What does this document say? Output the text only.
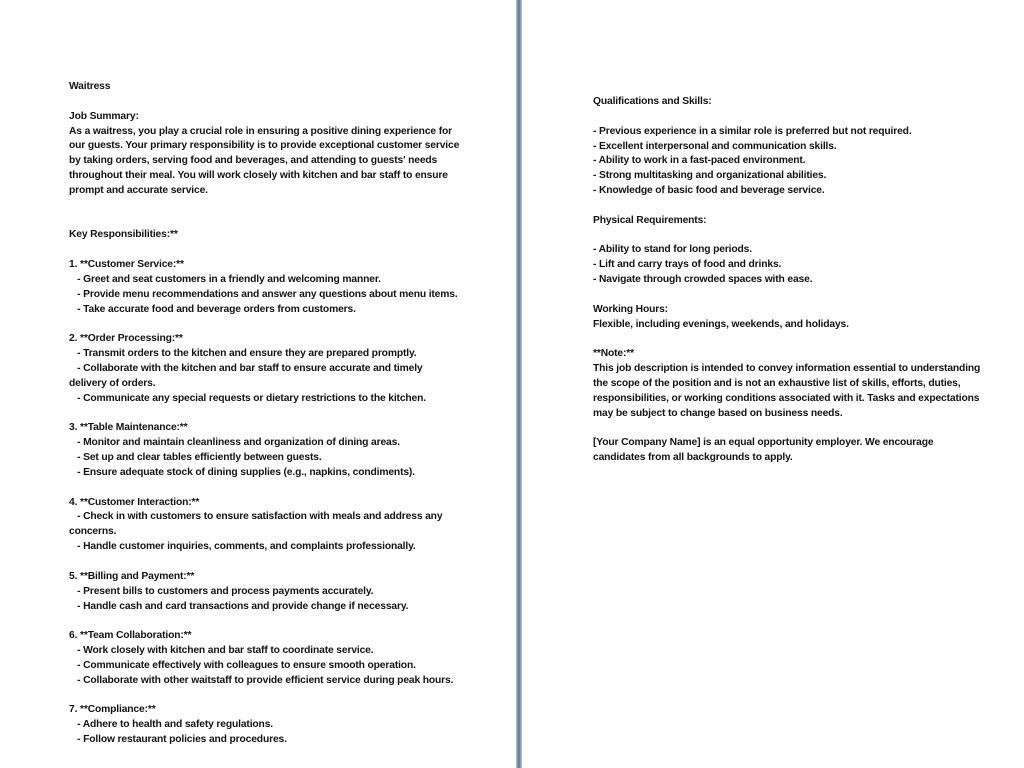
Waitress
Job Summary:
As a waitress, you play a crucial role in ensuring a positive dining experience for
our guests. Your primary responsibility is to provide exceptional customer service
by taking orders, serving food and beverages, and attending to guests' needs
throughout their meal. You will work closely with kitchen and bar staff to ensure
prompt and accurate service.
Key Responsibilities:**
1. **Customer Service:**
- Greet and seat customers in a friendly and welcoming manner.
- Provide menu recommendations and answer any questions about menu items.
- Take accurate food and beverage orders from customers.
2. **Order Processing:**
- Transmit orders to the kitchen and ensure they are prepared promptly.
- Collaborate with the kitchen and bar staff to ensure accurate and timely
delivery of orders.
- Communicate any special requests or dietary restrictions to the kitchen.
3. **Table Maintenance:**
- Monitor and maintain cleanliness and organization of dining areas.
- Set up and clear tables efficiently between guests.
- Ensure adequate stock of dining supplies (e.g., napkins, condiments).
4. **Customer Interaction:**
- Check in with customers to ensure satisfaction with meals and address any
concerns.
- Handle customer inquiries, comments, and complaints professionally.
5. **Billing and Payment:**
- Present bills to customers and process payments accurately.
- Handle cash and card transactions and provide change if necessary.
6. **Team Collaboration:**
- Work closely with kitchen and bar staff to coordinate service.
- Communicate effectively with colleagues to ensure smooth operation.
- Collaborate with other waitstaff to provide efficient service during peak hours.
7. **Compliance:**
- Adhere to health and safety regulations.
- Follow restaurant policies and procedures.
Qualifications and Skills:
- Previous experience in a similar role is preferred but not required.
- Excellent interpersonal and communication skills.
- Ability to work in a fast-paced environment.
- Strong multitasking and organizational abilities.
- Knowledge of basic food and beverage service.
Physical Requirements:
- Ability to stand for long periods.
- Lift and carry trays of food and drinks.
- Navigate through crowded spaces with ease.
Working Hours:
Flexible, including evenings, weekends, and holidays.
**Note:**
This job description is intended to convey information essential to understanding
the scope of the position and is not an exhaustive list of skills, efforts, duties,
responsibilities, or working conditions associated with it. Tasks and expectations
may be subject to change based on business needs.
[Your Company Name] is an equal opportunity employer. We encourage
candidates from all backgrounds to apply.
